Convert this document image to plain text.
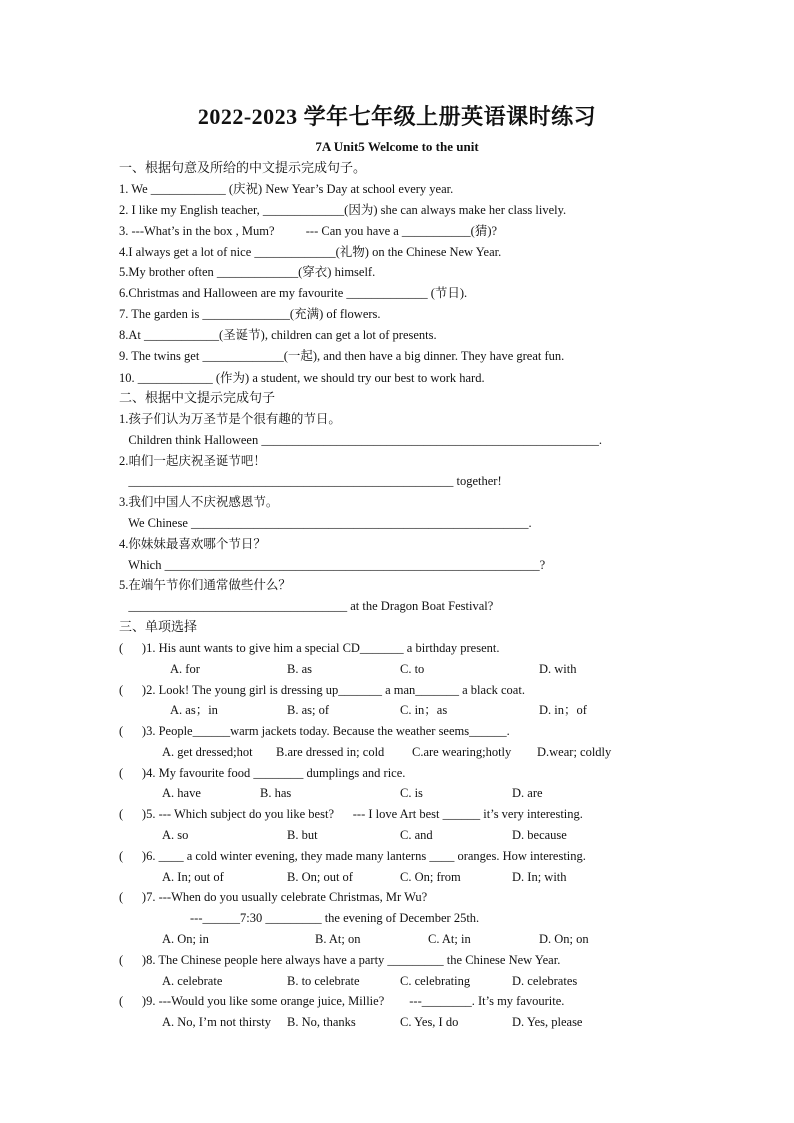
2022-2023 学年七年级上册英语课时练习
7A Unit5 Welcome to the unit
一、根据句意及所给的中文提示完成句子。
1. We ____________ (庆祝) New Year’s Day at school every year.
2. I like my English teacher, _____________(因为) she can always make her class lively.
3. ---What’s in the box , Mum?          --- Can you have a ___________(猜)?
4.I always get a lot of nice _____________(礼物) on the Chinese New Year.
5.My brother often _____________(穿衣) himself.
6.Christmas and Halloween are my favourite _____________ (节日).
7. The garden is ______________(充满) of flowers.
8.At ____________(圣诞节), children can get a lot of presents.
9. The twins get _____________(一起), and then have a big dinner. They have great fun.
10. ____________ (作为) a student, we should try our best to work hard.
二、根据中文提示完成句子
1.孩子们认为万圣节是个很有趣的节日。
Children think Halloween ______________________________________________________.
2.咱们一起庆祝圣诞节吧！
____________________________________________________ together!
3.我们中国人不庆祝感恩节。
We Chinese ______________________________________________________.
4.你妹妹最喜欢哪个节日？
Which ____________________________________________________________?
5.在端午节你们通常做些什么？
___________________________________ at the Dragon Boat Festival?
三、单项选择
(      )1. His aunt wants to give him a special CD_______ a birthday present.
A. for	B. as	C. to	D. with
(      )2. Look! The young girl is dressing up_______ a man_______ a black coat.
A. as；in	B. as; of	C. in；as	D. in；of
(      )3. People______warm jackets today. Because the weather seems______.
A. get dressed;hot B.are dressed in; cold C.are wearing;hotly D.wear; coldly
(      )4. My favourite food ________ dumplings and rice.
A. have	B. has	C. is	D. are
(      )5. --- Which subject do you like best?      --- I love Art best ______ it’s very interesting.
A. so	B. but	C. and	D. because
(      )6. ____ a cold winter evening, they made many lanterns ____ oranges. How interesting.
A. In; out of	B. On; out of	C. On; from	D. In; with
(      )7. ---When do you usually celebrate Christmas, Mr Wu?
---______7:30 _________ the evening of December 25th.
A. On; in	B. At; on	C. At; in	D. On; on
(      )8. The Chinese people here always have a party _________ the Chinese New Year.
A. celebrate	B. to celebrate	C. celebrating	D. celebrates
(      )9. ---Would you like some orange juice, Millie?        ---________. It’s my favourite.
A. No, I’m not thirsty B. No, thanks	C. Yes, I do	D. Yes, please
